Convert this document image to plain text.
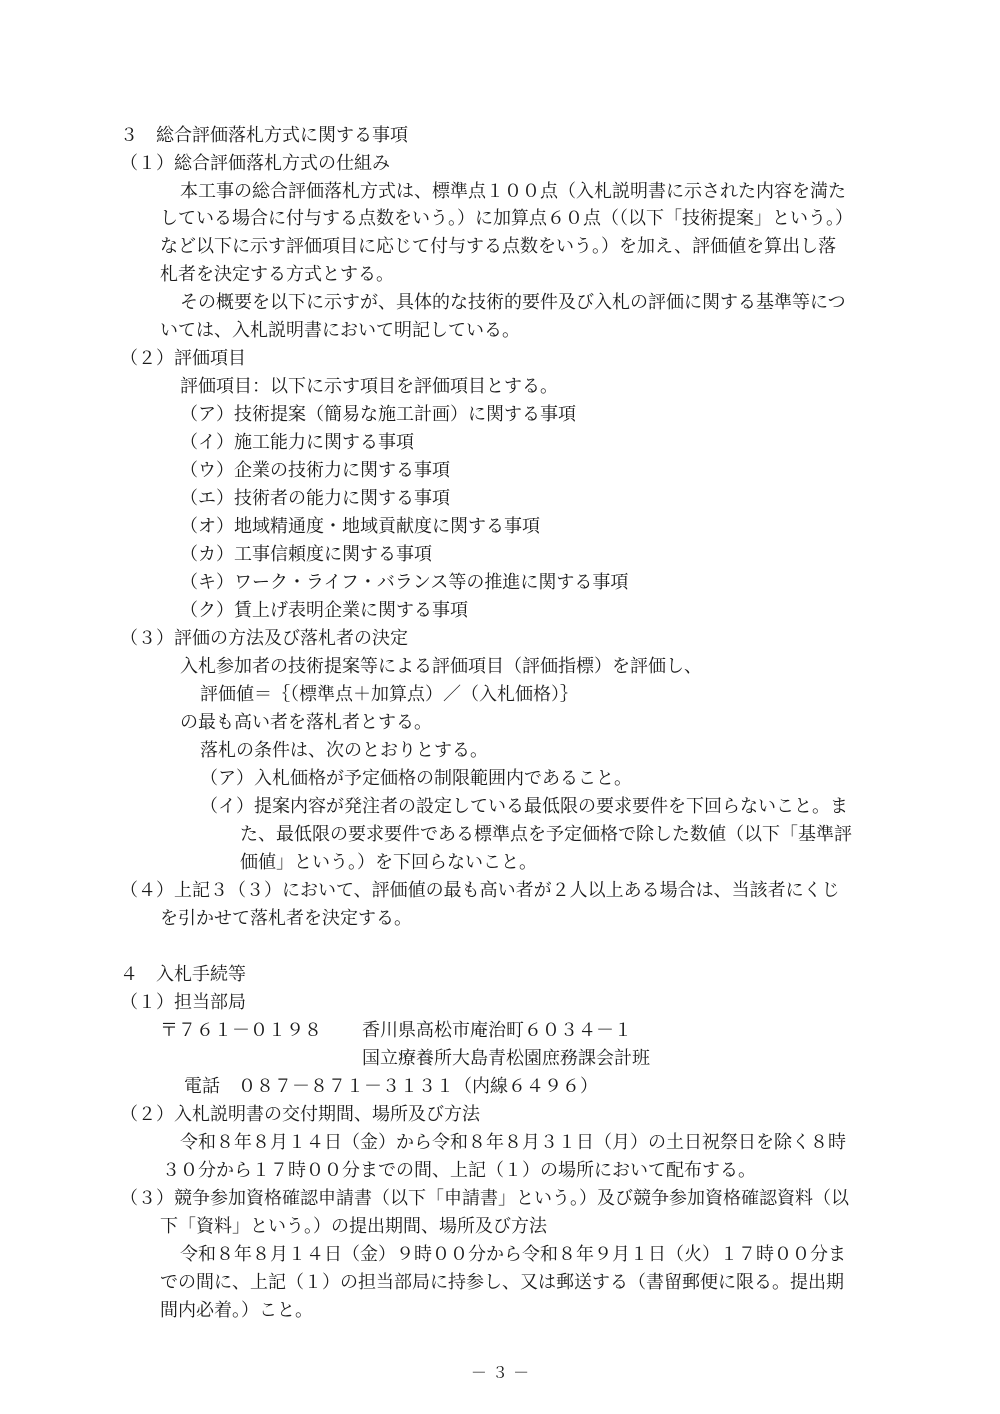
３　総合評価落札方式に関する事項

（１）総合評価落札方式の仕組み

本工事の総合評価落札方式は、標準点１００点（入札説明書に示された内容を満た

している場合に付与する点数をいう。）に加算点６０点（（以下「技術提案」という。）

など以下に示す評価項目に応じて付与する点数をいう。）を加え、評価値を算出し落

札者を決定する方式とする。

その概要を以下に示すが、具体的な技術的要件及び入札の評価に関する基準等につ

いては、入札説明書において明記している。

（２）評価項目

評価項目：以下に示す項目を評価項目とする。

（ア）技術提案（簡易な施工計画）に関する事項

（イ）施工能力に関する事項

（ウ）企業の技術力に関する事項

（エ）技術者の能力に関する事項

（オ）地域精通度・地域貢献度に関する事項

（カ）工事信頼度に関する事項

（キ）ワーク・ライフ・バランス等の推進に関する事項

（ク）賃上げ表明企業に関する事項

（３）評価の方法及び落札者の決定

入札参加者の技術提案等による評価項目（評価指標）を評価し、

評価値＝｛（標準点＋加算点）／（入札価格）｝

の最も高い者を落札者とする。

落札の条件は、次のとおりとする。

（ア）入札価格が予定価格の制限範囲内であること。

（イ）提案内容が発注者の設定している最低限の要求要件を下回らないこと。ま

た、最低限の要求要件である標準点を予定価格で除した数値（以下「基準評

価値」という。）を下回らないこと。

（４）上記３（３）において、評価値の最も高い者が２人以上ある場合は、当該者にくじ

を引かせて落札者を決定する。

４　入札手続等

（１）担当部局

〒７６１－０１９８ 香川県高松市庵治町６０３４－１

国立療養所大島青松園庶務課会計班

電話　０８７－８７１－３１３１（内線６４９６）

（２）入札説明書の交付期間、場所及び方法

令和８年８月１４日（金）から令和８年８月３１日（月）の土日祝祭日を除く８時

３０分から１７時００分までの間、上記（１）の場所において配布する。

（３）競争参加資格確認申請書（以下「申請書」という。）及び競争参加資格確認資料（以

下「資料」という。）の提出期間、場所及び方法

令和８年８月１４日（金）９時００分から令和８年９月１日（火）１７時００分ま

での間に、上記（１）の担当部局に持参し、又は郵送する（書留郵便に限る。提出期

間内必着。）こと。

－ ３ －
